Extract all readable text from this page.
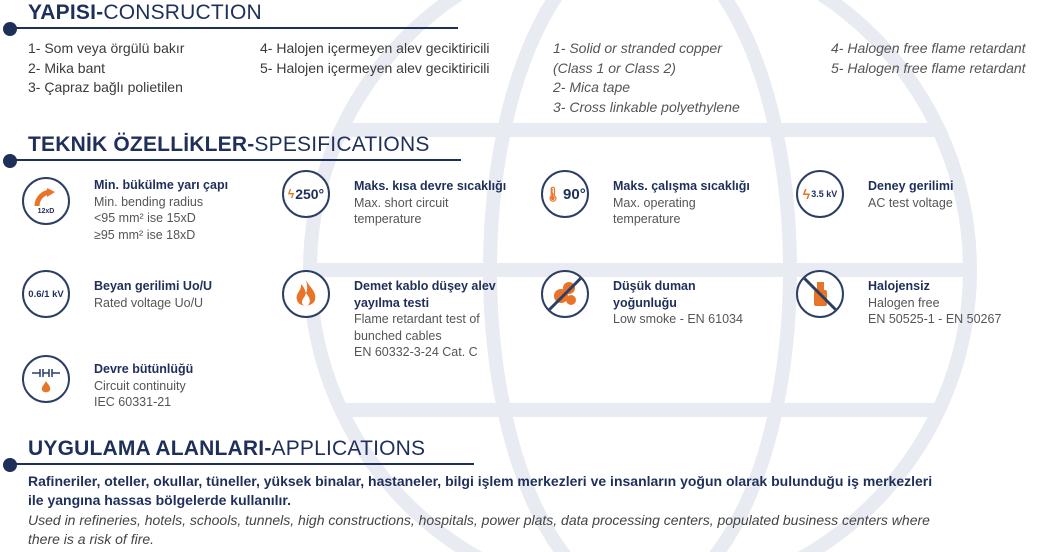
YAPISI-CONSRUCTION
1- Som veya örgülü bakır
2- Mika bant
3- Çapraz bağlı polietilen
4- Halojen içermeyen alev geciktiricili
5- Halojen içermeyen alev geciktiricili
1- Solid or stranded copper
(Class 1 or Class 2)
2- Mica tape
3- Cross linkable polyethylene
4- Halogen free flame retardant
5- Halogen free flame retardant
TEKNİK ÖZELLİKLER-SPESIFICATIONS
12xD
Min. bükülme yarı çapı
Min. bending radius
<95 mm² ise 15xD
≥95 mm² ise 18xD
ϟ 250° Maks. kısa devre sıcaklığı
Max. short circuit
temperature
🌡︎ 90° Maks. çalışma sıcaklığı
Max. operating
temperature
ϟ 3.5 kV
Deney gerilimi
AC test voltage
0.6/1 kV
Beyan gerilimi Uo/U
Rated voltage Uo/U
Demet kablo düşey alev
yayılma testi
Flame retardant test of
bunched cables
EN 60332-3-24 Cat. C
Düşük duman
yoğunluğu
Low smoke - EN 61034
Halojensiz
Halogen free
EN 50525-1 - EN 50267
Devre bütünlüğü
Circuit continuity
IEC 60331-21
UYGULAMA ALANLARI-APPLICATIONS
Rafineriler, oteller, okullar, tüneller, yüksek binalar, hastaneler, bilgi işlem merkezleri ve insanların yoğun olarak bulunduğu iş merkezleri
ile yangına hassas bölgelerde kullanılır.
Used in refineries, hotels, schools, tunnels, high constructions, hospitals, power plats, data processing centers, populated business centers where
there is a risk of fire.
